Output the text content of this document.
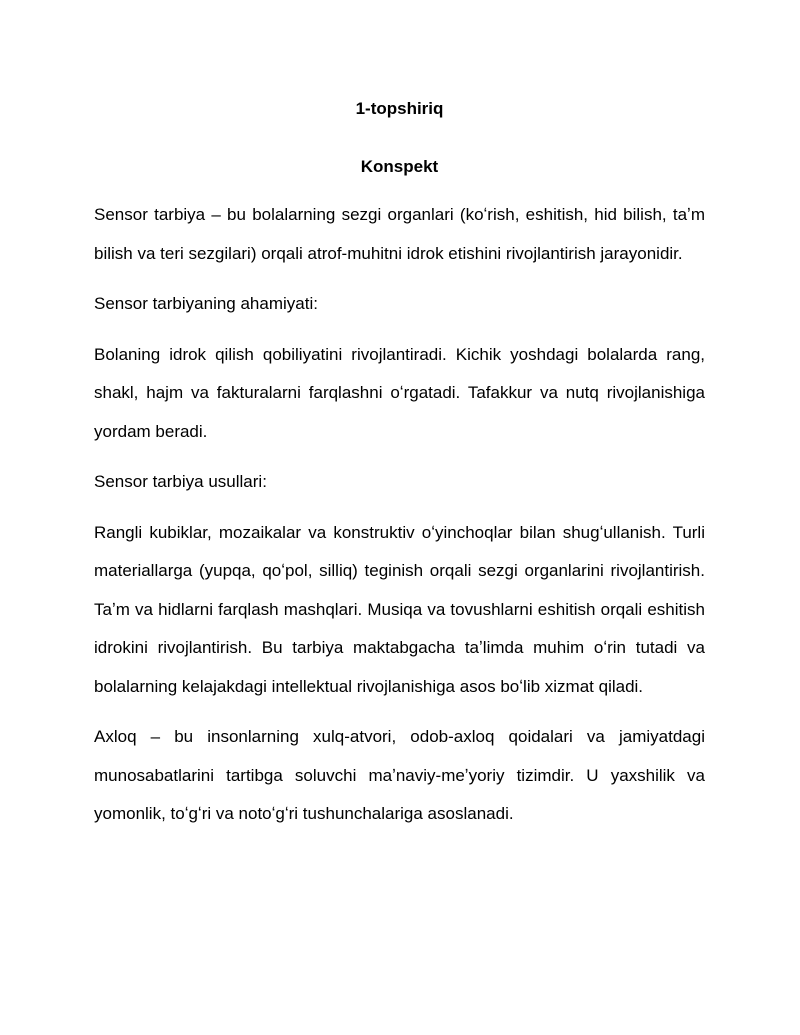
1-topshiriq

Konspekt

Sensor tarbiya – bu bolalarning sezgi organlari (koʻrish, eshitish, hid bilish, taʼm bilish va teri sezgilari) orqali atrof-muhitni idrok etishini rivojlantirish jarayonidir.

Sensor tarbiyaning ahamiyati:

Bolaning idrok qilish qobiliyatini rivojlantiradi. Kichik yoshdagi bolalarda rang, shakl, hajm va fakturalarni farqlashni oʻrgatadi. Tafakkur va nutq rivojlanishiga yordam beradi.

Sensor tarbiya usullari:

Rangli kubiklar, mozaikalar va konstruktiv oʻyinchoqlar bilan shugʻullanish. Turli materiallarga (yupqa, qoʻpol, silliq) teginish orqali sezgi organlarini rivojlantirish. Taʼm va hidlarni farqlash mashqlari. Musiqa va tovushlarni eshitish orqali eshitish idrokini rivojlantirish. Bu tarbiya maktabgacha taʼlimda muhim oʻrin tutadi va bolalarning kelajakdagi intellektual rivojlanishiga asos boʻlib xizmat qiladi.

Axloq – bu insonlarning xulq-atvori, odob-axloq qoidalari va jamiyatdagi munosabatlarini tartibga soluvchi maʼnaviy-meʼyoriy tizimdir. U yaxshilik va yomonlik, toʻgʻri va notoʻgʻri tushunchalariga asoslanadi.
